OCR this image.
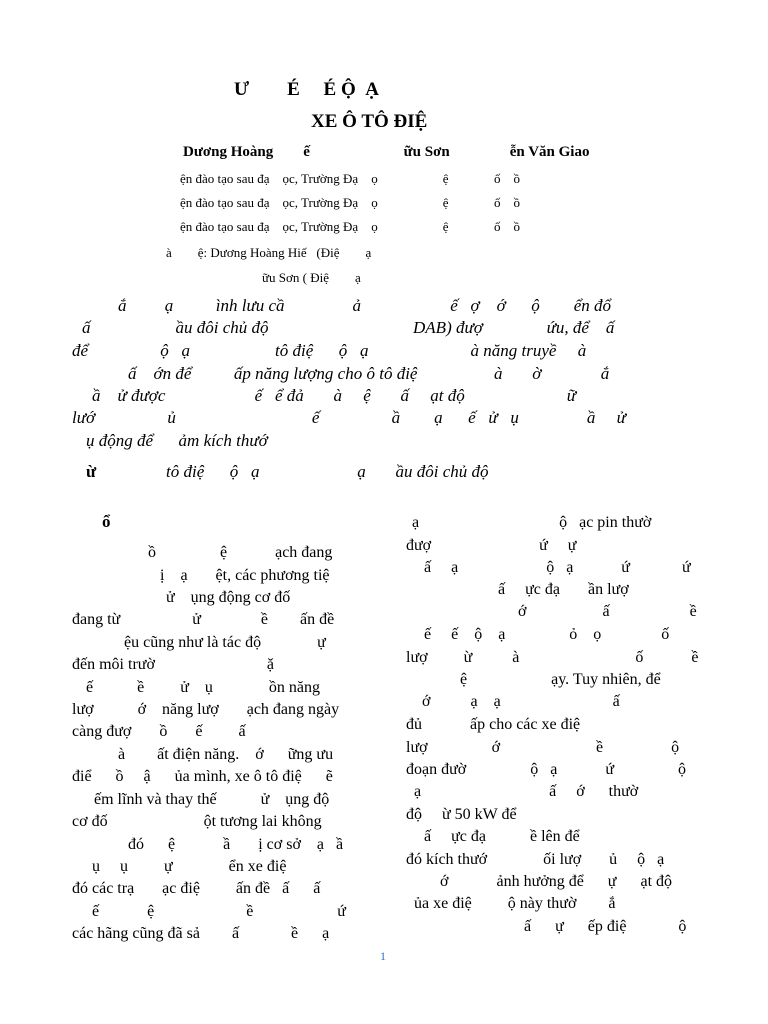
Ư        É     É Ộ  Ạ
XE Ô TÔ ĐIỆ
Dương Hoàng        ế                         ữu Sơn                ễn Văn Giao
ện đào tạo sau đạ    ọc, Trường Đạ    ọ                    ệ              ố    ồ
ện đào tạo sau đạ    ọc, Trường Đạ    ọ                    ệ              ố    ồ
ện đào tạo sau đạ    ọc, Trường Đạ    ọ                    ệ              ố    ồ
à        ệ: Dương Hoàng Hiế   (Điệ        ạ
ữu Sơn ( Điệ        ạ
ắ         ạ          ình lưu cầ                ả                     ế   ợ    ớ      ộ        ển đổ
ấ                    ầu đôi chủ độ                                  DAB) đượ               ứu, để    ấ
để                 ộ   ạ                    tô điệ      ộ   ạ                        à năng truyề     à
ấ    ớn để          ấp năng lượng cho ô tô điệ                  à       ờ              ắ
ầ    ử được                     ế   ể đả       à     ệ       ấ     ạt độ                        ữ
lướ                 ủ                                ế                 ầ        ạ      ế   ử   ụ                ầ     ử
ụ động để      ảm kích thướ
ừ	tô điệ      ộ   ạ                       ạ       ầu đôi chủ độ
ổ
ồ                ệ            ạch đang
ị    ạ       ệt, các phương tiệ
ử    ụng động cơ đố
đang từ                  ử               ề        ấn đề
ệu cũng như là tác độ              ự
đến môi trườ                            ặ
ế           ề         ử    ụ              ồn năng
lượ           ớ    năng lượ       ạch đang ngày
càng đượ       ồ       ế         ấ
à        ất điện năng.    ớ      ững ưu
điể      ồ     ậ      ủa mình, xe ô tô điệ      ẽ
ếm lĩnh và thay thế           ử    ụng độ
cơ đố                        ột tương lai không
đó      ệ            ầ       ị cơ sở    ạ   ầ
ụ     ụ         ự              ển xe điệ
đó các trạ       ạc điệ         ấn đề   ấ      ấ
ế            ệ                       ề                     ứ
các hãng cũng đã sả        ấ             ề      ạ
ạ                                   ộ   ạc pin thườ
đượ                           ứ     ự
ấ     ạ                      ộ   ạ            ứ             ứ
ấ     ực đạ       ần lượ
ớ                   ấ                    ề
ế     ế    ộ    ạ                ỏ    ọ               ố
lượ         ừ          à                             ố            ề
ệ                     ạy. Tuy nhiên, để
ớ          ạ    ạ                            ấ
đủ            ấp cho các xe điệ
lượ                ớ                        ề                 ộ
đoạn đườ                ộ   ạ            ứ                ộ
ạ                                ấ     ớ      thườ
độ     ừ 50 kW để
ấ     ực đạ           ề lên để
đó kích thướ              ối lượ       ủ     ộ   ạ
ớ            ảnh hưởng để      ự      ạt độ
ủa xe điệ         ộ này thườ        ắ
ấ      ự      ếp điệ             ộ
1
